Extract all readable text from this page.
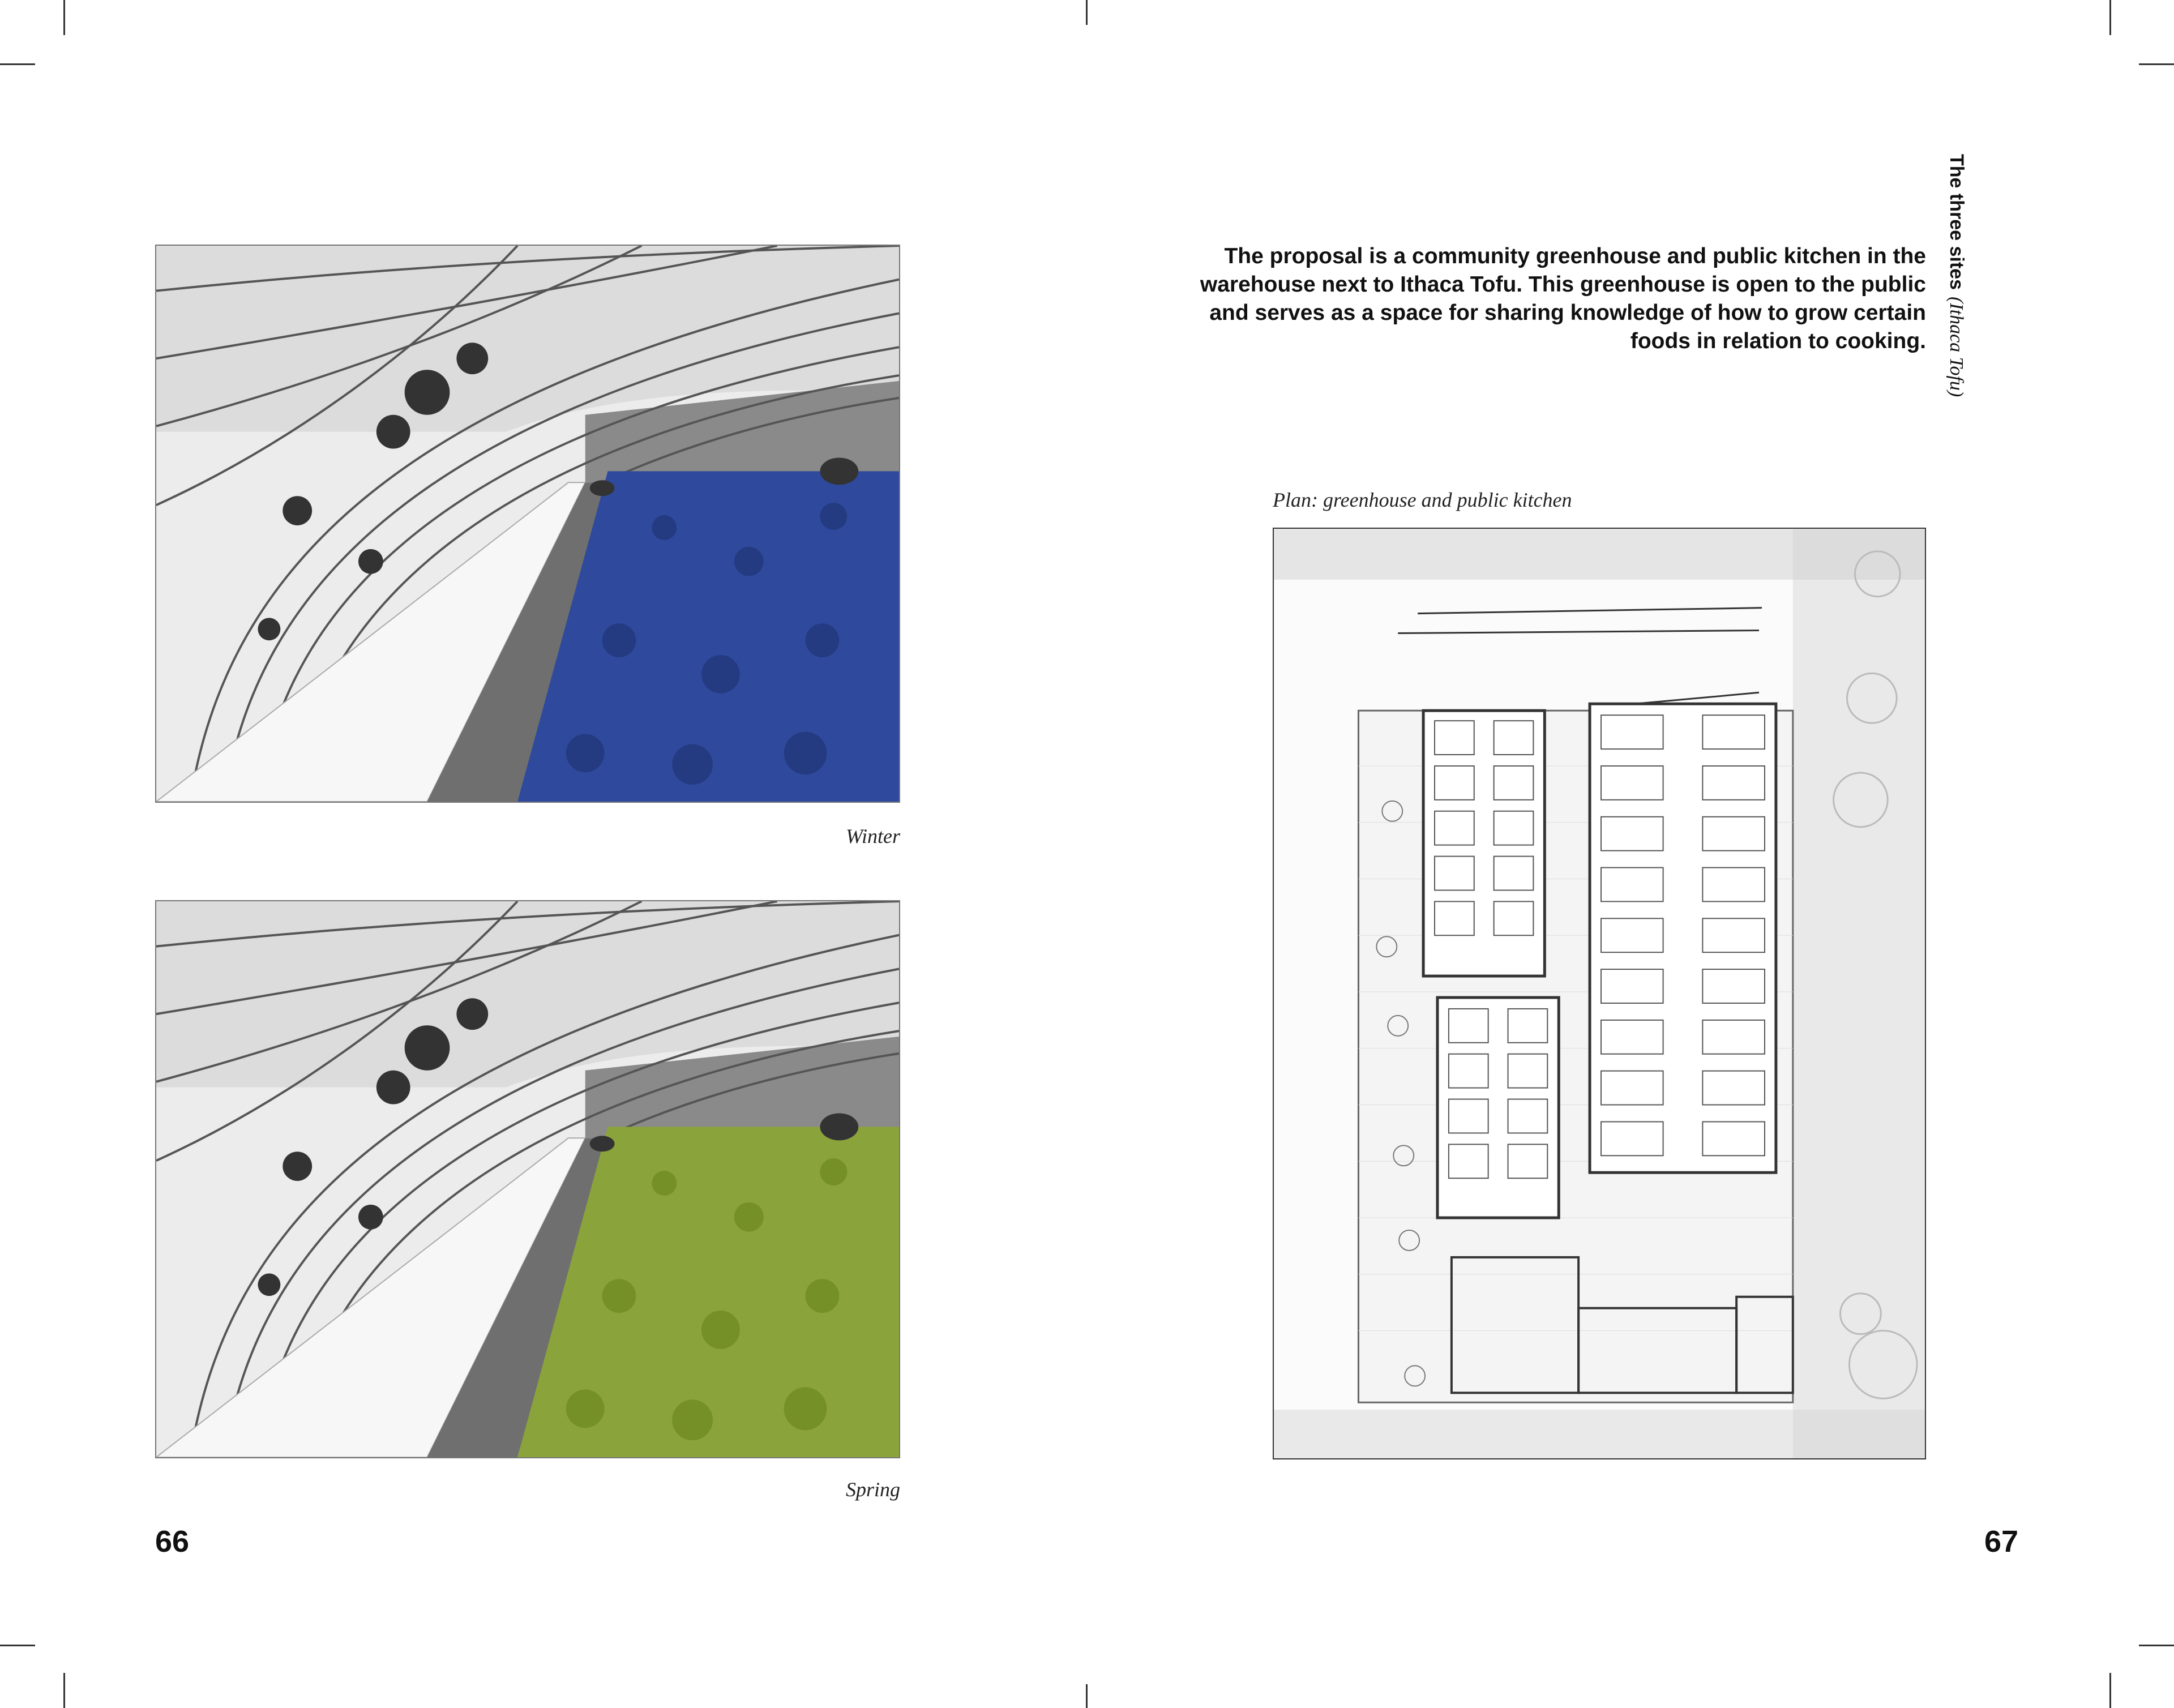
Winter
Spring
66
The three sites(Ithaca Tofu)
The proposal is a community greenhouse and public kitchen in the warehouse next to Ithaca Tofu. This greenhouse is open to the public and serves as a space for sharing knowledge of how to grow certain foods in relation to cooking.
Plan: greenhouse and public kitchen
67
